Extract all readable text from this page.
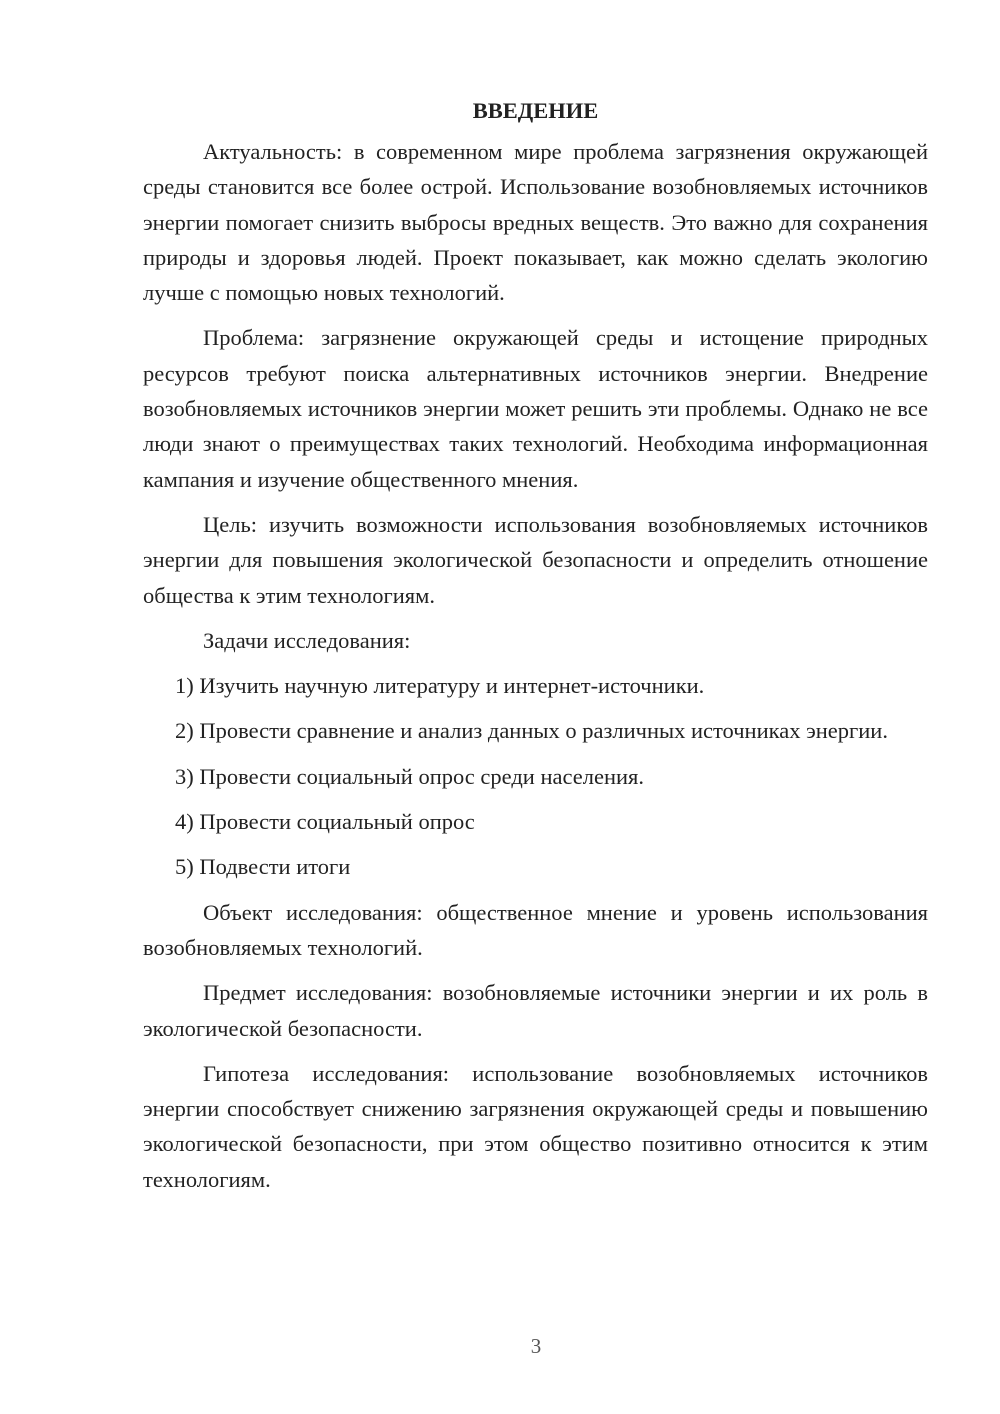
ВВЕДЕНИЕ

Актуальность: в современном мире проблема загрязнения окружающей среды становится все более острой. Использование возобновляемых источников энергии помогает снизить выбросы вредных веществ. Это важно для сохранения природы и здоровья людей. Проект показывает, как можно сделать экологию лучше с помощью новых технологий.

Проблема: загрязнение окружающей среды и истощение природных ресурсов требуют поиска альтернативных источников энергии. Внедрение возобновляемых источников энергии может решить эти проблемы. Однако не все люди знают о преимуществах таких технологий. Необходима информационная кампания и изучение общественного мнения.

Цель: изучить возможности использования возобновляемых источников энергии для повышения экологической безопасности и определить отношение общества к этим технологиям.

Задачи исследования:

1) Изучить научную литературу и интернет-источники.

2) Провести сравнение и анализ данных о различных источниках энергии.

3) Провести социальный опрос среди населения.

4) Провести социальный опрос

5) Подвести итоги

Объект исследования: общественное мнение и уровень использования возобновляемых технологий.

Предмет исследования: возобновляемые источники энергии и их роль в экологической безопасности.

Гипотеза исследования: использование возобновляемых источников энергии способствует снижению загрязнения окружающей среды и повышению экологической безопасности, при этом общество позитивно относится к этим технологиям.

3
